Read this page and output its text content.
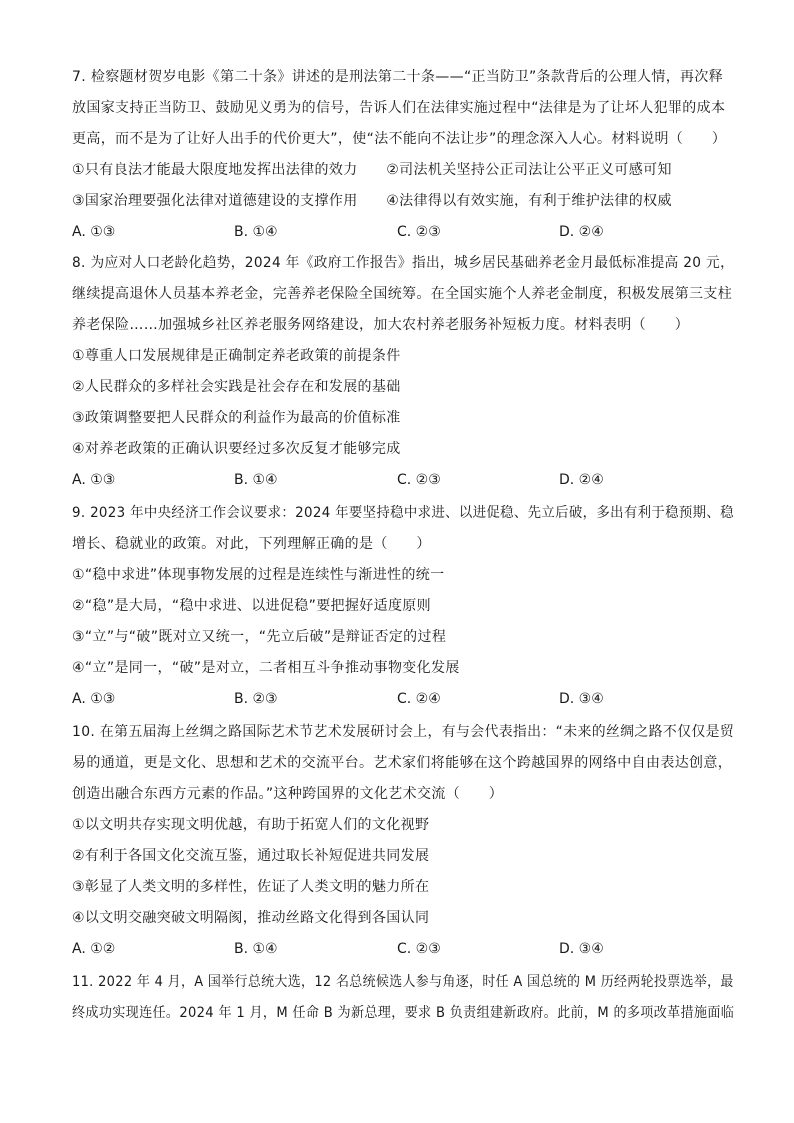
7. 检察题材贺岁电影《第二十条》讲述的是刑法第二十条——“正当防卫”条款背后的公理人情，再次释
放国家支持正当防卫、鼓励见义勇为的信号，告诉人们在法律实施过程中“法律是为了让坏人犯罪的成本
更高，而不是为了让好人出手的代价更大”，使“法不能向不法让步”的理念深入人心。材料说明（　　）
①只有良法才能最大限度地发挥出法律的效力　　②司法机关坚持公正司法让公平正义可感可知
③国家治理要强化法律对道德建设的支撑作用　　④法律得以有效实施，有利于维护法律的权威
A. ①③	B. ①④	C. ②③	D. ②④
8. 为应对人口老龄化趋势，2024 年《政府工作报告》指出，城乡居民基础养老金月最低标准提高 20 元，
继续提高退休人员基本养老金，完善养老保险全国统筹。在全国实施个人养老金制度，积极发展第三支柱
养老保险……加强城乡社区养老服务网络建设，加大农村养老服务补短板力度。材料表明（　　）
①尊重人口发展规律是正确制定养老政策的前提条件
②人民群众的多样社会实践是社会存在和发展的基础
③政策调整要把人民群众的利益作为最高的价值标准
④对养老政策的正确认识要经过多次反复才能够完成
A. ①③	B. ①④	C. ②③	D. ②④
9. 2023 年中央经济工作会议要求：2024 年要坚持稳中求进、以进促稳、先立后破，多出有利于稳预期、稳
增长、稳就业的政策。对此，下列理解正确的是（　　）
①“稳中求进”体现事物发展的过程是连续性与渐进性的统一
②“稳”是大局，“稳中求进、以进促稳”要把握好适度原则
③“立”与“破”既对立又统一，“先立后破”是辩证否定的过程
④“立”是同一，“破”是对立，二者相互斗争推动事物变化发展
A. ①③	B. ②③	C. ②④	D. ③④
10. 在第五届海上丝绸之路国际艺术节艺术发展研讨会上，有与会代表指出：“未来的丝绸之路不仅仅是贸
易的通道，更是文化、思想和艺术的交流平台。艺术家们将能够在这个跨越国界的网络中自由表达创意，
创造出融合东西方元素的作品。”这种跨国界的文化艺术交流（　　）
①以文明共存实现文明优越，有助于拓宽人们的文化视野
②有利于各国文化交流互鉴，通过取长补短促进共同发展
③彰显了人类文明的多样性，佐证了人类文明的魅力所在
④以文明交融突破文明隔阂，推动丝路文化得到各国认同
A. ①②	B. ①④	C. ②③	D. ③④
11. 2022 年 4 月，A 国举行总统大选，12 名总统候选人参与角逐，时任 A 国总统的 M 历经两轮投票选举，最
终成功实现连任。2024 年 1 月，M 任命 B 为新总理，要求 B 负责组建新政府。此前，M 的多项改革措施面临
